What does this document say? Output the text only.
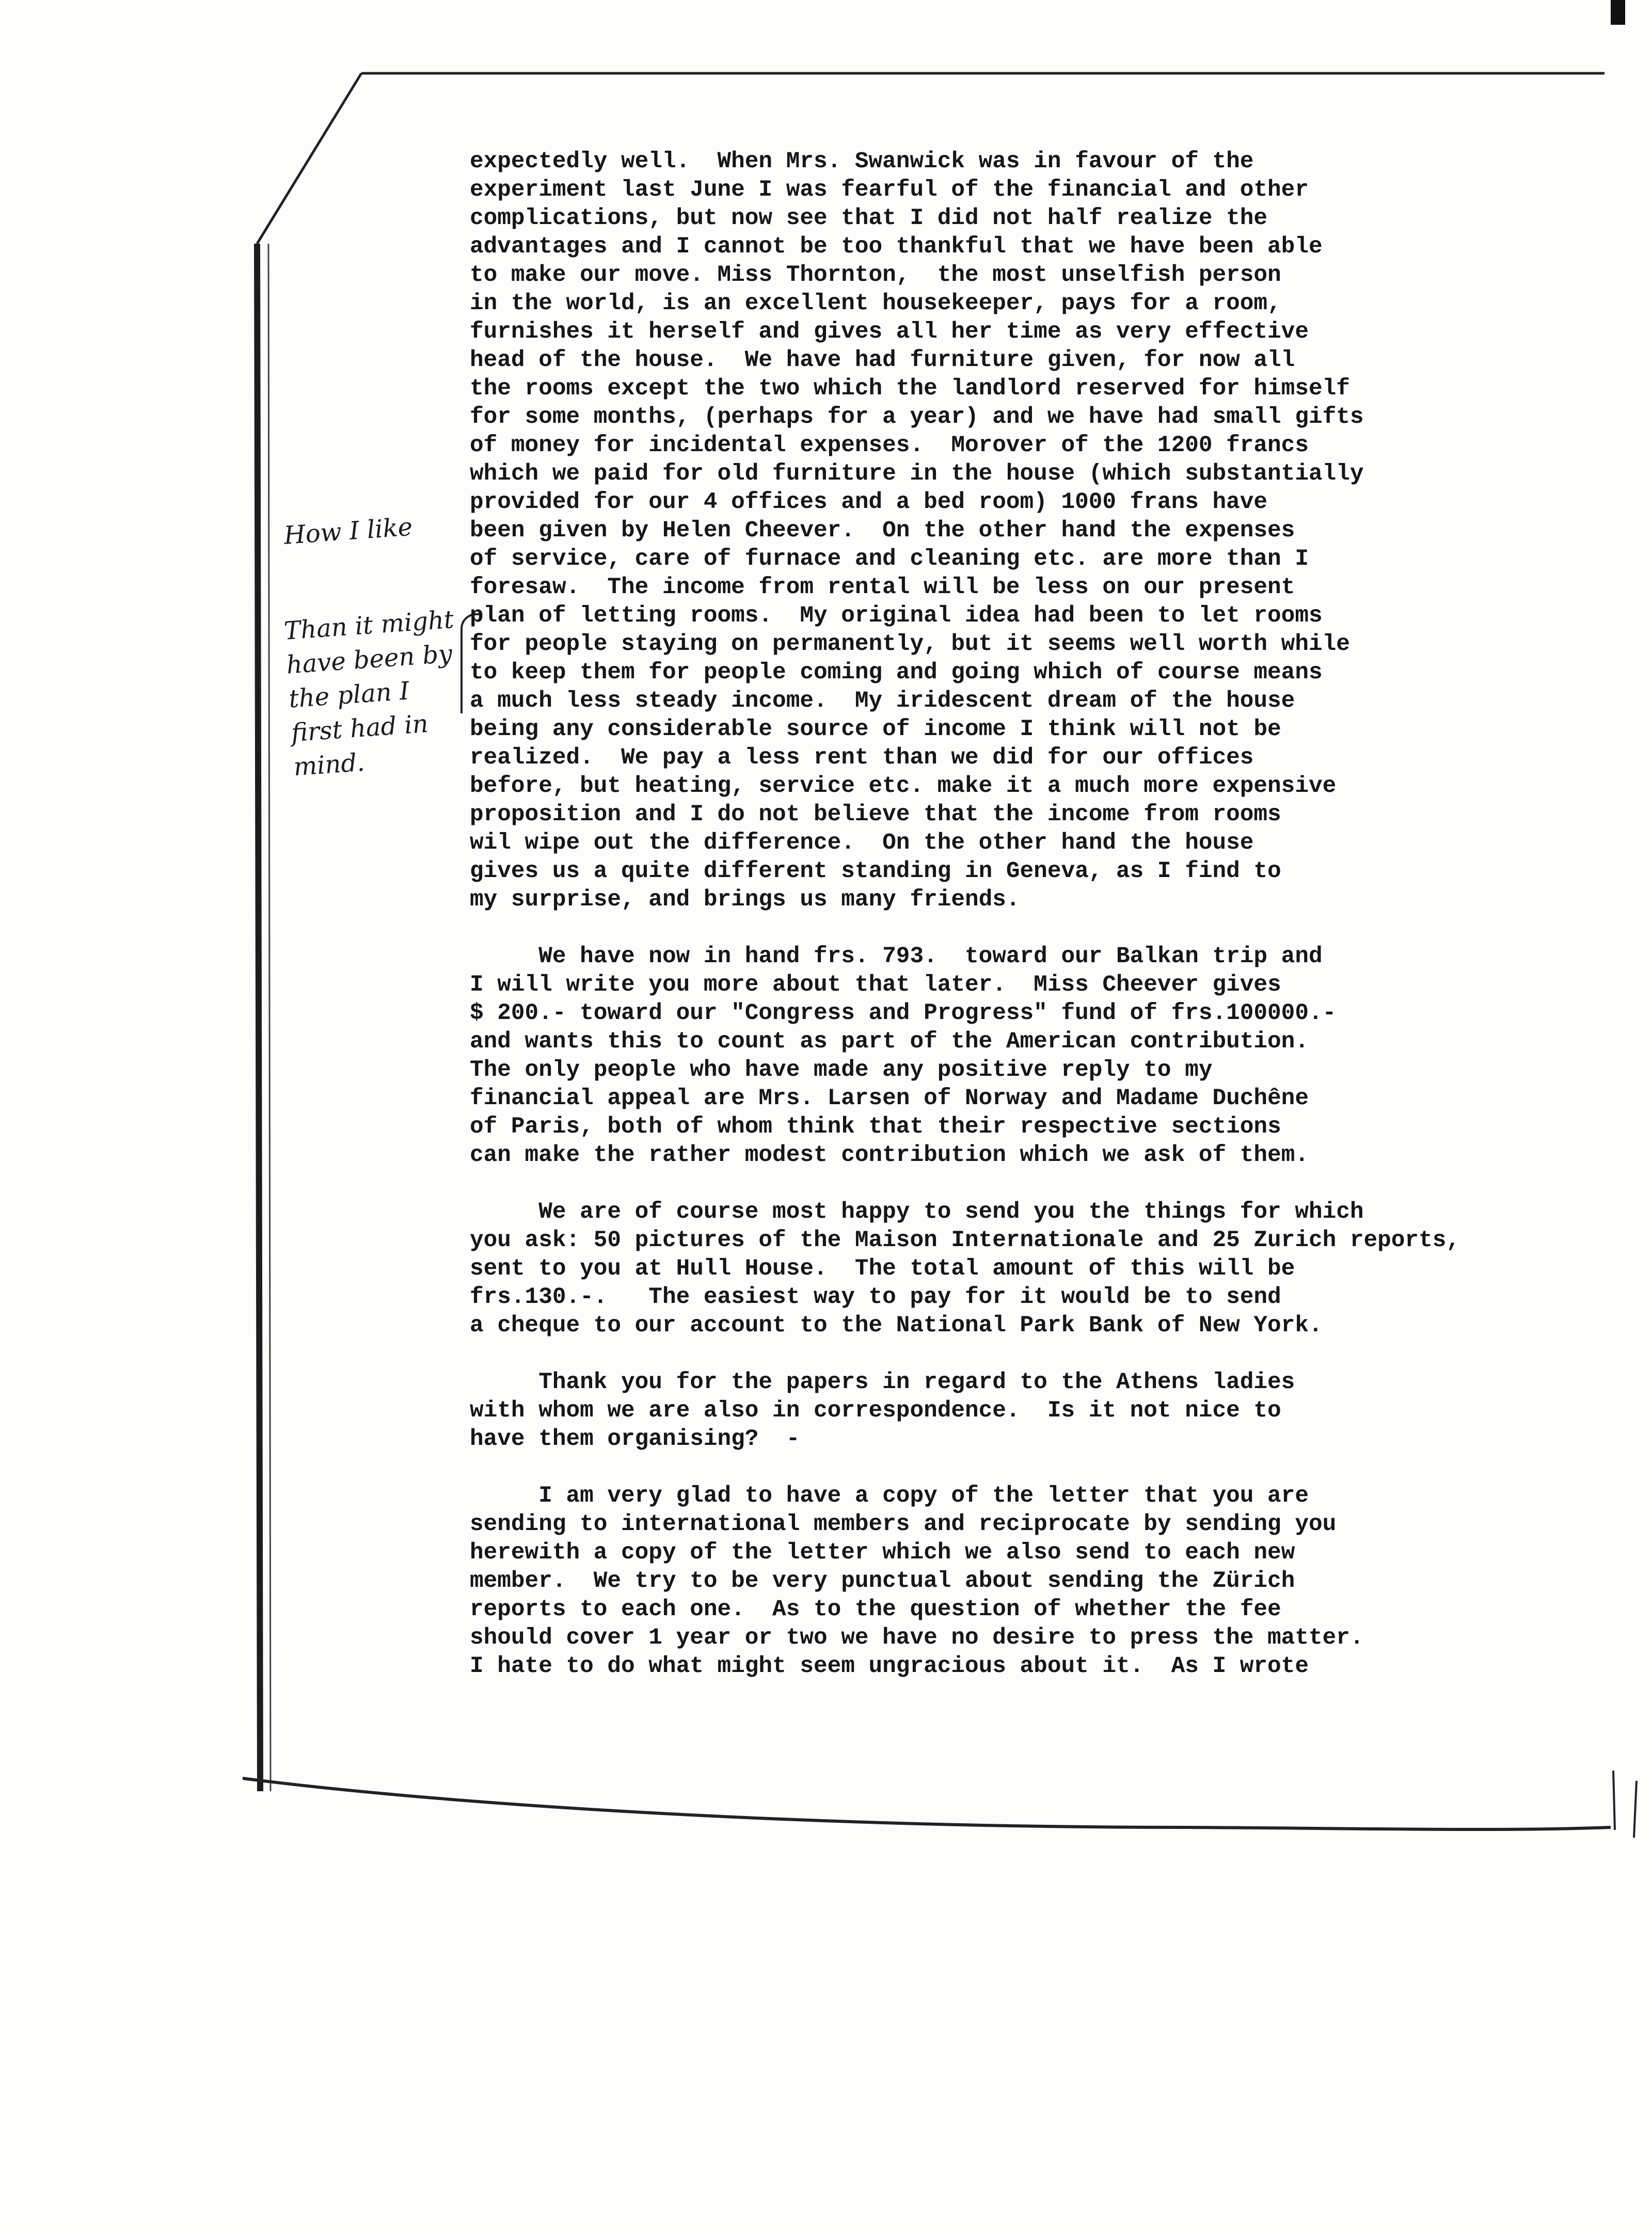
How I like
Than it might
have been by
the plan I
first had in
mind.
expectedly well.  When Mrs. Swanwick was in favour of the
experiment last June I was fearful of the financial and other
complications, but now see that I did not half realize the
advantages and I cannot be too thankful that we have been able
to make our move. Miss Thornton,  the most unselfish person
in the world, is an excellent housekeeper, pays for a room,
furnishes it herself and gives all her time as very effective
head of the house.  We have had furniture given, for now all
the rooms except the two which the landlord reserved for himself
for some months, (perhaps for a year) and we have had small gifts
of money for incidental expenses.  Morover of the 1200 francs
which we paid for old furniture in the house (which substantially
provided for our 4 offices and a bed room) 1000 frans have
been given by Helen Cheever.  On the other hand the expenses
of service, care of furnace and cleaning etc. are more than I
foresaw.  The income from rental will be less on our present
plan of letting rooms.  My original idea had been to let rooms
for people staying on permanently, but it seems well worth while
to keep them for people coming and going which of course means
a much less steady income.  My iridescent dream of the house
being any considerable source of income I think will not be
realized.  We pay a less rent than we did for our offices
before, but heating, service etc. make it a much more expensive
proposition and I do not believe that the income from rooms
wil wipe out the difference.  On the other hand the house
gives us a quite different standing in Geneva, as I find to
my surprise, and brings us many friends.
We have now in hand frs. 793.  toward our Balkan trip and
I will write you more about that later.  Miss Cheever gives
$ 200.- toward our "Congress and Progress" fund of frs.100000.-
and wants this to count as part of the American contribution.
The only people who have made any positive reply to my
financial appeal are Mrs. Larsen of Norway and Madame Duchêne
of Paris, both of whom think that their respective sections
can make the rather modest contribution which we ask of them.
We are of course most happy to send you the things for which
you ask: 50 pictures of the Maison Internationale and 25 Zurich reports,
sent to you at Hull House.  The total amount of this will be
frs.130.-.   The easiest way to pay for it would be to send
a cheque to our account to the National Park Bank of New York.
Thank you for the papers in regard to the Athens ladies
with whom we are also in correspondence.  Is it not nice to
have them organising?  -
I am very glad to have a copy of the letter that you are
sending to international members and reciprocate by sending you
herewith a copy of the letter which we also send to each new
member.  We try to be very punctual about sending the Zürich
reports to each one.  As to the question of whether the fee
should cover 1 year or two we have no desire to press the matter.
I hate to do what might seem ungracious about it.  As I wrote
